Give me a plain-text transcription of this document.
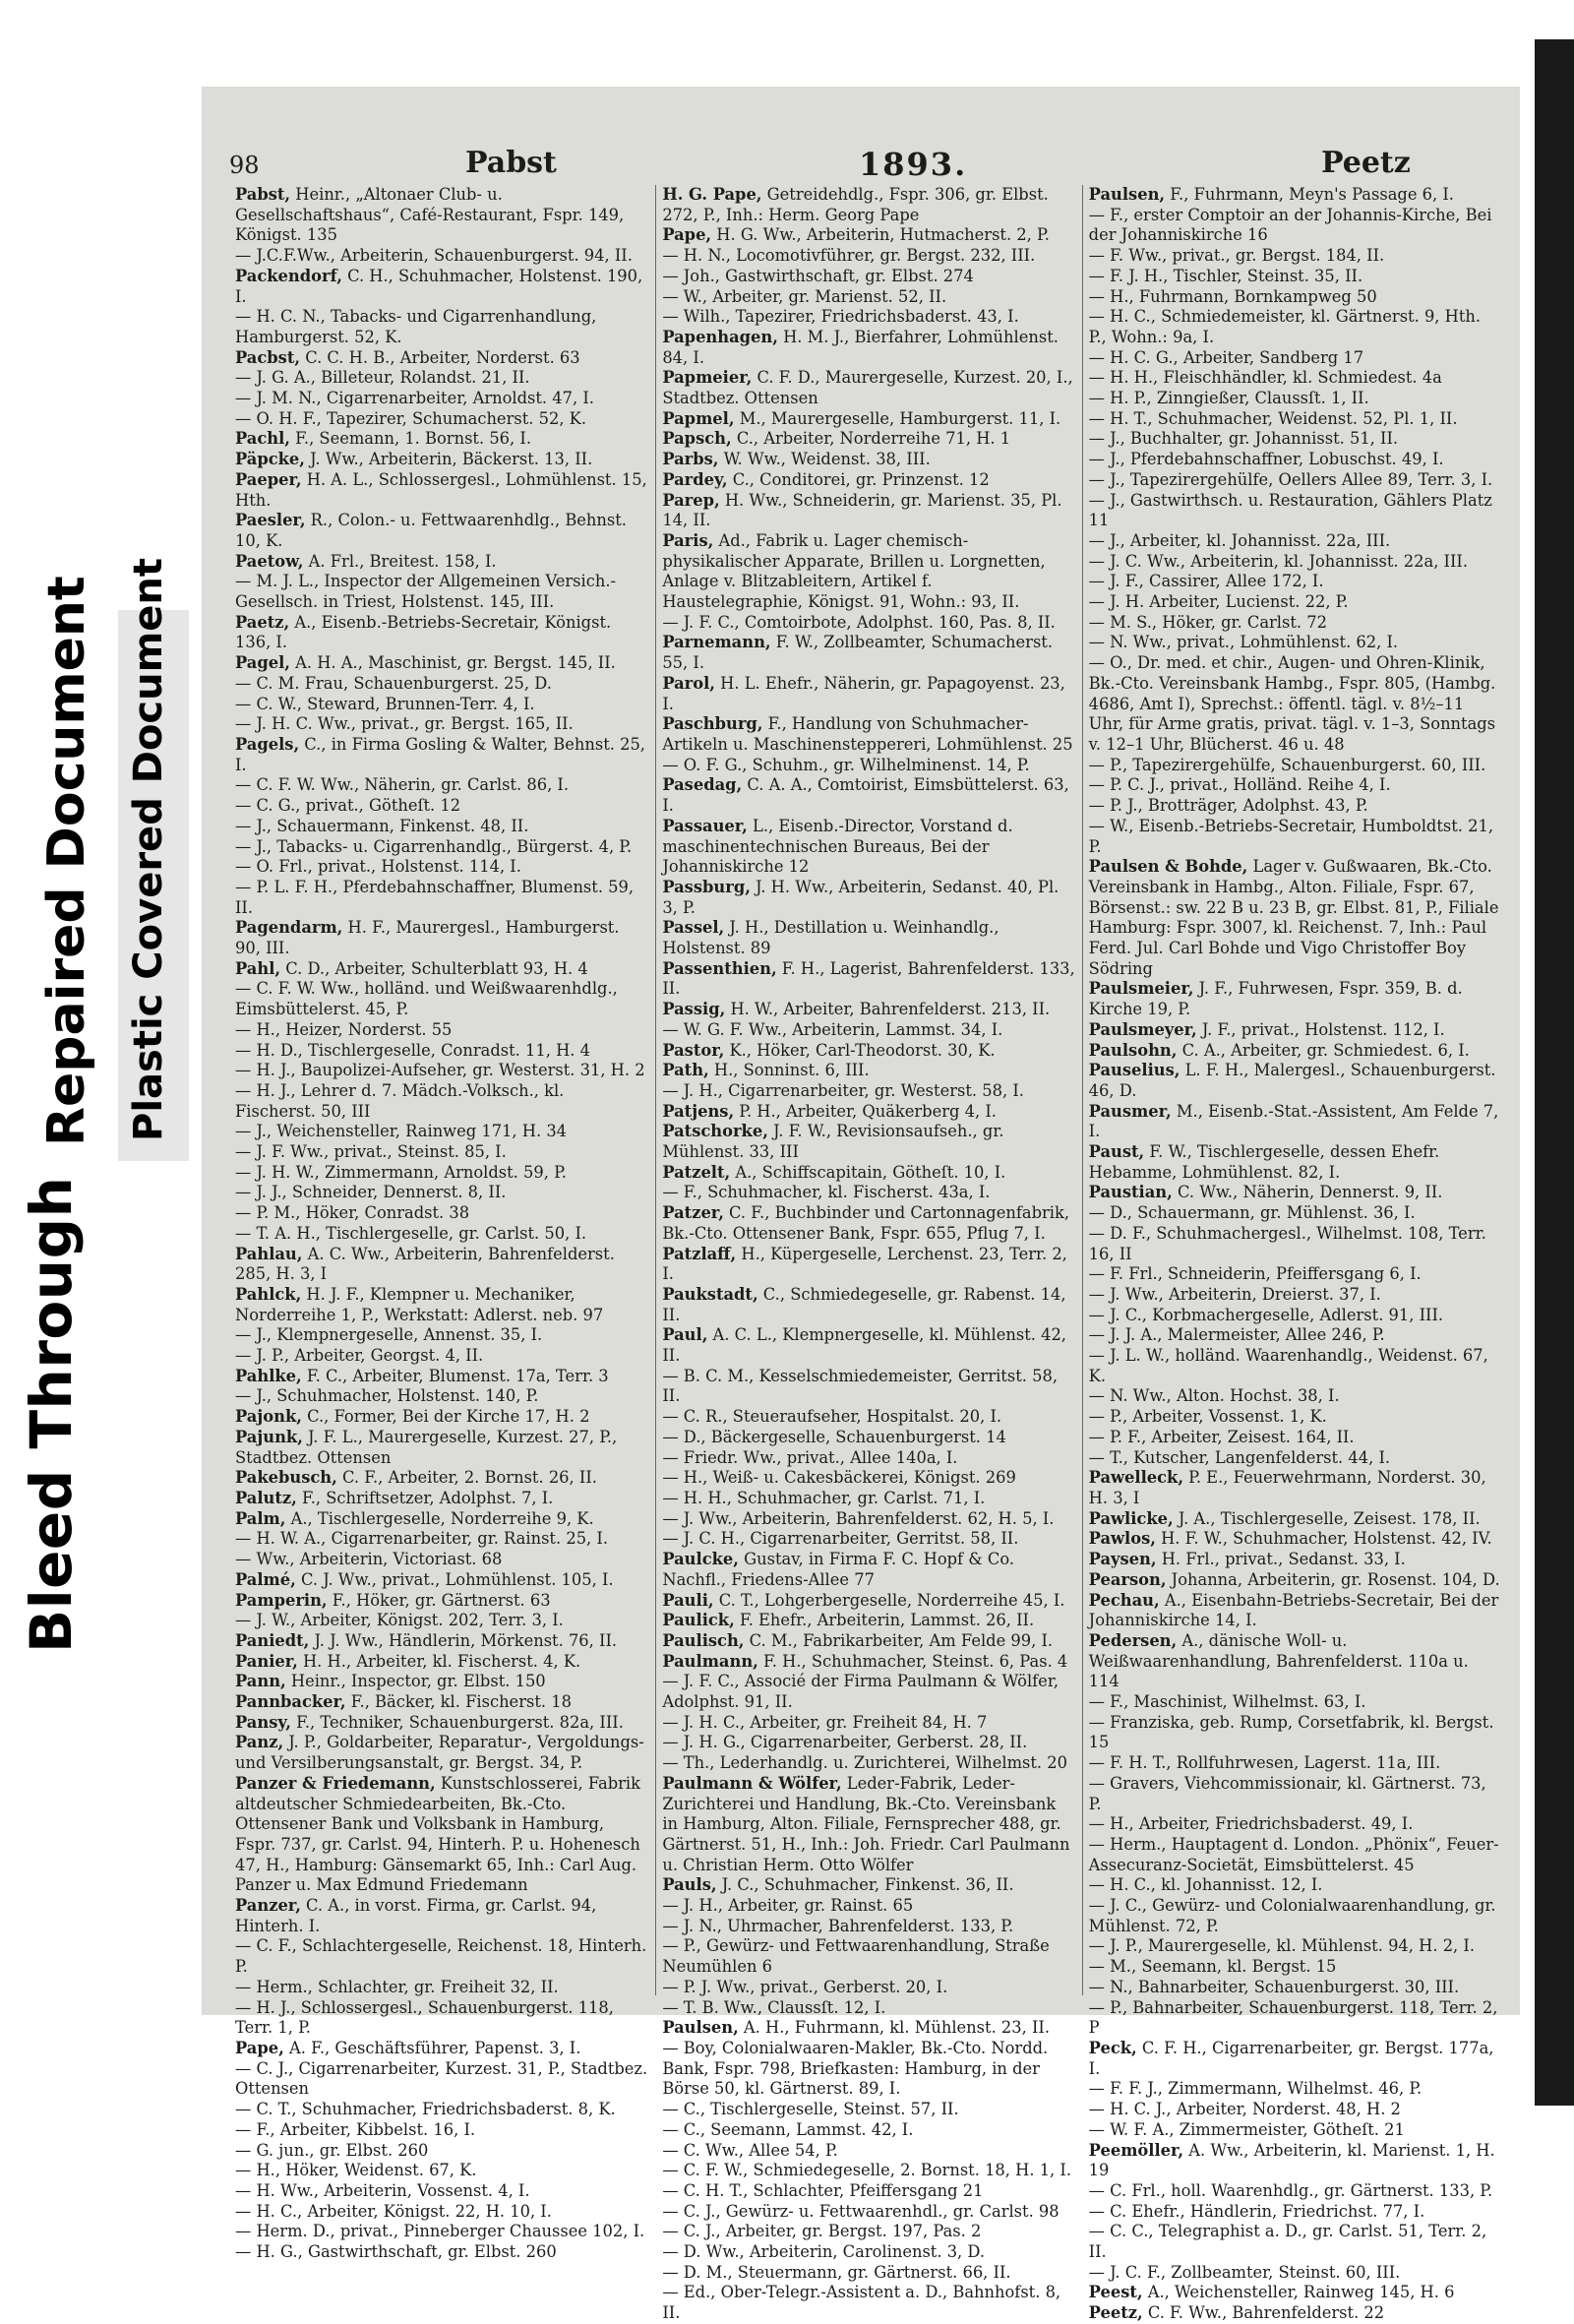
Bleed Through
Repaired Document Plastic Covered Document
98	Pabst	1893.	Peetz

Pabst, Heinr., „Altonaer Club- u. Gesellschaftshaus“, Café-Restaurant, Fspr. 149, Königst. 135

— J.C.F.Ww., Arbeiterin, Schauenburgerst. 94, II.

Packendorf, C. H., Schuhmacher, Holstenst. 190, I.

— H. C. N., Tabacks- und Cigarrenhandlung, Hamburgerst. 52, K.

Pacbst, C. C. H. B., Arbeiter, Norderst. 63

— J. G. A., Billeteur, Rolandst. 21, II.

— J. M. N., Cigarrenarbeiter, Arnoldst. 47, I.

— O. H. F., Tapezirer, Schumacherst. 52, K.

Pachl, F., Seemann, 1. Bornst. 56, I.

Päpcke, J. Ww., Arbeiterin, Bäckerst. 13, II.

Paeper, H. A. L., Schlossergesl., Lohmühlenst. 15, Hth.

Paesler, R., Colon.- u. Fettwaarenhdlg., Behnst. 10, K.

Paetow, A. Frl., Breitest. 158, I.

— M. J. L., Inspector der Allgemeinen Versich.-Gesellsch. in Triest, Holstenst. 145, III.

Paetz, A., Eisenb.-Betriebs-Secretair, Königst. 136, I.

Pagel, A. H. A., Maschinist, gr. Bergst. 145, II.

— C. M. Frau, Schauenburgerst. 25, D.

— C. W., Steward, Brunnen-Terr. 4, I.

— J. H. C. Ww., privat., gr. Bergst. 165, II.

Pagels, C., in Firma Gosling & Walter, Behnst. 25, I.

— C. F. W. Ww., Näherin, gr. Carlst. 86, I.

— C. G., privat., Götheſt. 12

— J., Schauermann, Finkenst. 48, II.

— J., Tabacks- u. Cigarrenhandlg., Bürgerst. 4, P.

— O. Frl., privat., Holstenst. 114, I.

— P. L. F. H., Pferdebahnschaffner, Blumenst. 59, II.

Pagendarm, H. F., Maurergesl., Hamburgerst. 90, III.

Pahl, C. D., Arbeiter, Schulterblatt 93, H. 4

— C. F. W. Ww., holländ. und Weißwaarenhdlg., Eimsbüttelerst. 45, P.

— H., Heizer, Norderst. 55

— H. D., Tischlergeselle, Conradst. 11, H. 4

— H. J., Baupolizei-Aufseher, gr. Westerst. 31, H. 2

— H. J., Lehrer d. 7. Mädch.-Volksch., kl. Fischerst. 50, III

— J., Weichensteller, Rainweg 171, H. 34

— J. F. Ww., privat., Steinst. 85, I.

— J. H. W., Zimmermann, Arnoldst. 59, P.

— J. J., Schneider, Dennerst. 8, II.

— P. M., Höker, Conradst. 38

— T. A. H., Tischlergeselle, gr. Carlst. 50, I.

Pahlau, A. C. Ww., Arbeiterin, Bahrenfelderst. 285, H. 3, I

Pahlck, H. J. F., Klempner u. Mechaniker, Norderreihe 1, P., Werkstatt: Adlerst. neb. 97

— J., Klempnergeselle, Annenst. 35, I.

— J. P., Arbeiter, Georgst. 4, II.

Pahlke, F. C., Arbeiter, Blumenst. 17a, Terr. 3

— J., Schuhmacher, Holstenst. 140, P.

Pajonk, C., Former, Bei der Kirche 17, H. 2

Pajunk, J. F. L., Maurergeselle, Kurzest. 27, P., Stadtbez. Ottensen

Pakebusch, C. F., Arbeiter, 2. Bornst. 26, II.

Palutz, F., Schriftsetzer, Adolphst. 7, I.

Palm, A., Tischlergeselle, Norderreihe 9, K.

— H. W. A., Cigarrenarbeiter, gr. Rainst. 25, I.

— Ww., Arbeiterin, Victoriast. 68

Palmé, C. J. Ww., privat., Lohmühlenst. 105, I.

Pamperin, F., Höker, gr. Gärtnerst. 63

— J. W., Arbeiter, Königst. 202, Terr. 3, I.

Paniedt, J. J. Ww., Händlerin, Mörkenst. 76, II.

Panier, H. H., Arbeiter, kl. Fischerst. 4, K.

Pann, Heinr., Inspector, gr. Elbst. 150

Pannbacker, F., Bäcker, kl. Fischerst. 18

Pansy, F., Techniker, Schauenburgerst. 82a, III.

Panz, J. P., Goldarbeiter, Reparatur-, Vergoldungs- und Versilberungsanstalt, gr. Bergst. 34, P.

Panzer & Friedemann, Kunstschlosserei, Fabrik altdeutscher Schmiedearbeiten, Bk.-Cto. Ottensener Bank und Volksbank in Hamburg, Fspr. 737, gr. Carlst. 94, Hinterh. P. u. Hohenesch 47, H., Hamburg: Gänsemarkt 65, Inh.: Carl Aug. Panzer u. Max Edmund Friedemann

Panzer, C. A., in vorst. Firma, gr. Carlst. 94, Hinterh. I.

— C. F., Schlachtergeselle, Reichenst. 18, Hinterh. P.

— Herm., Schlachter, gr. Freiheit 32, II.

— H. J., Schlossergesl., Schauenburgerst. 118, Terr. 1, P.

Pape, A. F., Geschäftsführer, Papenst. 3, I.

— C. J., Cigarrenarbeiter, Kurzest. 31, P., Stadtbez. Ottensen

— C. T., Schuhmacher, Friedrichsbaderst. 8, K.

— F., Arbeiter, Kibbelst. 16, I.

— G. jun., gr. Elbst. 260

— H., Höker, Weidenst. 67, K.

— H. Ww., Arbeiterin, Vossenst. 4, I.

— H. C., Arbeiter, Königst. 22, H. 10, I.

— Herm. D., privat., Pinneberger Chaussee 102, I.

— H. G., Gastwirthschaft, gr. Elbst. 260

H. G. Pape, Getreidehdlg., Fspr. 306, gr. Elbst. 272, P., Inh.: Herm. Georg Pape

Pape, H. G. Ww., Arbeiterin, Hutmacherst. 2, P.

— H. N., Locomotivführer, gr. Bergst. 232, III.

— Joh., Gastwirthschaft, gr. Elbst. 274

— W., Arbeiter, gr. Marienst. 52, II.

— Wilh., Tapezirer, Friedrichsbaderst. 43, I.

Papenhagen, H. M. J., Bierfahrer, Lohmühlenst. 84, I.

Papmeier, C. F. D., Maurergeselle, Kurzest. 20, I., Stadtbez. Ottensen

Papmel, M., Maurergeselle, Hamburgerst. 11, I.

Papsch, C., Arbeiter, Norderreihe 71, H. 1

Parbs, W. Ww., Weidenst. 38, III.

Pardey, C., Conditorei, gr. Prinzenst. 12

Parep, H. Ww., Schneiderin, gr. Marienst. 35, Pl. 14, II.

Paris, Ad., Fabrik u. Lager chemisch-physikalischer Apparate, Brillen u. Lorgnetten, Anlage v. Blitzableitern, Artikel f. Haustelegraphie, Königst. 91, Wohn.: 93, II.

— J. F. C., Comtoirbote, Adolphst. 160, Pas. 8, II.

Parnemann, F. W., Zollbeamter, Schumacherst. 55, I.

Parol, H. L. Ehefr., Näherin, gr. Papagoyenst. 23, I.

Paschburg, F., Handlung von Schuhmacher-Artikeln u. Maschinensteppereri, Lohmühlenst. 25

— O. F. G., Schuhm., gr. Wilhelminenst. 14, P.

Pasedag, C. A. A., Comtoirist, Eimsbüttelerst. 63, I.

Passauer, L., Eisenb.-Director, Vorstand d. maschinentechnischen Bureaus, Bei der Johanniskirche 12

Passburg, J. H. Ww., Arbeiterin, Sedanst. 40, Pl. 3, P.

Passel, J. H., Destillation u. Weinhandlg., Holstenst. 89

Passenthien, F. H., Lagerist, Bahrenfelderst. 133, II.

Passig, H. W., Arbeiter, Bahrenfelderst. 213, II.

— W. G. F. Ww., Arbeiterin, Lammst. 34, I.

Pastor, K., Höker, Carl-Theodorst. 30, K.

Path, H., Sonninst. 6, III.

— J. H., Cigarrenarbeiter, gr. Westerst. 58, I.

Patjens, P. H., Arbeiter, Quäkerberg 4, I.

Patschorke, J. F. W., Revisionsaufseh., gr. Mühlenst. 33, III

Patzelt, A., Schiffscapitain, Götheſt. 10, I.

— F., Schuhmacher, kl. Fischerst. 43a, I.

Patzer, C. F., Buchbinder und Cartonnagenfabrik, Bk.-Cto. Ottensener Bank, Fspr. 655, Pflug 7, I.

Patzlaff, H., Küpergeselle, Lerchenst. 23, Terr. 2, I.

Paukstadt, C., Schmiedegeselle, gr. Rabenst. 14, II.

Paul, A. C. L., Klempnergeselle, kl. Mühlenst. 42, II.

— B. C. M., Kesselschmiedemeister, Gerritst. 58, II.

— C. R., Steueraufseher, Hospitalst. 20, I.

— D., Bäckergeselle, Schauenburgerst. 14

— Friedr. Ww., privat., Allee 140a, I.

— H., Weiß- u. Cakesbäckerei, Königst. 269

— H. H., Schuhmacher, gr. Carlst. 71, I.

— J. Ww., Arbeiterin, Bahrenfelderst. 62, H. 5, I.

— J. C. H., Cigarrenarbeiter, Gerritst. 58, II.

Paulcke, Gustav, in Firma F. C. Hopf & Co. Nachfl., Friedens-Allee 77

Pauli, C. T., Lohgerbergeselle, Norderreihe 45, I.

Paulick, F. Ehefr., Arbeiterin, Lammst. 26, II.

Paulisch, C. M., Fabrikarbeiter, Am Felde 99, I.

Paulmann, F. H., Schuhmacher, Steinst. 6, Pas. 4

— J. F. C., Associé der Firma Paulmann & Wölfer, Adolphst. 91, II.

— J. H. C., Arbeiter, gr. Freiheit 84, H. 7

— J. H. G., Cigarrenarbeiter, Gerberst. 28, II.

— Th., Lederhandlg. u. Zurichterei, Wilhelmst. 20

Paulmann & Wölfer, Leder-Fabrik, Leder-Zurichterei und Handlung, Bk.-Cto. Vereinsbank in Hamburg, Alton. Filiale, Fernsprecher 488, gr. Gärtnerst. 51, H., Inh.: Joh. Friedr. Carl Paulmann u. Christian Herm. Otto Wölfer

Pauls, J. C., Schuhmacher, Finkenst. 36, II.

— J. H., Arbeiter, gr. Rainst. 65

— J. N., Uhrmacher, Bahrenfelderst. 133, P.

— P., Gewürz- und Fettwaarenhandlung, Straße Neumühlen 6

— P. J. Ww., privat., Gerberst. 20, I.

— T. B. Ww., Claussſt. 12, I.

Paulsen, A. H., Fuhrmann, kl. Mühlenst. 23, II.

— Boy, Colonialwaaren-Makler, Bk.-Cto. Nordd. Bank, Fspr. 798, Briefkasten: Hamburg, in der Börse 50, kl. Gärtnerst. 89, I.

— C., Tischlergeselle, Steinst. 57, II.

— C., Seemann, Lammst. 42, I.

— C. Ww., Allee 54, P.

— C. F. W., Schmiedegeselle, 2. Bornst. 18, H. 1, I.

— C. H. T., Schlachter, Pfeiffersgang 21

— C. J., Gewürz- u. Fettwaarenhdl., gr. Carlst. 98

— C. J., Arbeiter, gr. Bergst. 197, Pas. 2

— D. Ww., Arbeiterin, Carolinenst. 3, D.

— D. M., Steuermann, gr. Gärtnerst. 66, II.

— Ed., Ober-Telegr.-Assistent a. D., Bahnhofst. 8, II.

Paulsen, F., Fuhrmann, Meyn's Passage 6, I.

— F., erster Comptoir an der Johannis-Kirche, Bei der Johanniskirche 16

— F. Ww., privat., gr. Bergst. 184, II.

— F. J. H., Tischler, Steinst. 35, II.

— H., Fuhrmann, Bornkampweg 50

— H. C., Schmiedemeister, kl. Gärtnerst. 9, Hth. P., Wohn.: 9a, I.

— H. C. G., Arbeiter, Sandberg 17

— H. H., Fleischhändler, kl. Schmiedest. 4a

— H. P., Zinngießer, Claussſt. 1, II.

— H. T., Schuhmacher, Weidenst. 52, Pl. 1, II.

— J., Buchhalter, gr. Johannisst. 51, II.

— J., Pferdebahnschaffner, Lobuschst. 49, I.

— J., Tapezirergehülfe, Oellers Allee 89, Terr. 3, I.

— J., Gastwirthsch. u. Restauration, Gählers Platz 11

— J., Arbeiter, kl. Johannisst. 22a, III.

— J. C. Ww., Arbeiterin, kl. Johannisst. 22a, III.

— J. F., Cassirer, Allee 172, I.

— J. H. Arbeiter, Lucienst. 22, P.

— M. S., Höker, gr. Carlst. 72

— N. Ww., privat., Lohmühlenst. 62, I.

— O., Dr. med. et chir., Augen- und Ohren-Klinik, Bk.-Cto. Vereinsbank Hambg., Fspr. 805, (Hambg. 4686, Amt I), Sprechst.: öffentl. tägl. v. 8½–11 Uhr, für Arme gratis, privat. tägl. v. 1–3, Sonntags v. 12–1 Uhr, Blücherst. 46 u. 48

— P., Tapezirergehülfe, Schauenburgerst. 60, III.

— P. C. J., privat., Holländ. Reihe 4, I.

— P. J., Brotträger, Adolphst. 43, P.

— W., Eisenb.-Betriebs-Secretair, Humboldtst. 21, P.

Paulsen & Bohde, Lager v. Gußwaaren, Bk.-Cto. Vereinsbank in Hambg., Alton. Filiale, Fspr. 67, Börsenst.: sw. 22 B u. 23 B, gr. Elbst. 81, P., Filiale Hamburg: Fspr. 3007, kl. Reichenst. 7, Inh.: Paul Ferd. Jul. Carl Bohde und Vigo Christoffer Boy Södring

Paulsmeier, J. F., Fuhrwesen, Fspr. 359, B. d. Kirche 19, P.

Paulsmeyer, J. F., privat., Holstenst. 112, I.

Paulsohn, C. A., Arbeiter, gr. Schmiedest. 6, I.

Pauselius, L. F. H., Malergesl., Schauenburgerst. 46, D.

Pausmer, M., Eisenb.-Stat.-Assistent, Am Felde 7, I.

Paust, F. W., Tischlergeselle, dessen Ehefr. Hebamme, Lohmühlenst. 82, I.

Paustian, C. Ww., Näherin, Dennerst. 9, II.

— D., Schauermann, gr. Mühlenst. 36, I.

— D. F., Schuhmachergesl., Wilhelmst. 108, Terr. 16, II

— F. Frl., Schneiderin, Pfeiffersgang 6, I.

— J. Ww., Arbeiterin, Dreierst. 37, I.

— J. C., Korbmachergeselle, Adlerst. 91, III.

— J. J. A., Malermeister, Allee 246, P.

— J. L. W., holländ. Waarenhandlg., Weidenst. 67, K.

— N. Ww., Alton. Hochst. 38, I.

— P., Arbeiter, Vossenst. 1, K.

— P. F., Arbeiter, Zeisest. 164, II.

— T., Kutscher, Langenfelderst. 44, I.

Pawelleck, P. E., Feuerwehrmann, Norderst. 30, H. 3, I

Pawlicke, J. A., Tischlergeselle, Zeisest. 178, II.

Pawlos, H. F. W., Schuhmacher, Holstenst. 42, IV.

Paysen, H. Frl., privat., Sedanst. 33, I.

Pearson, Johanna, Arbeiterin, gr. Rosenst. 104, D.

Pechau, A., Eisenbahn-Betriebs-Secretair, Bei der Johanniskirche 14, I.

Pedersen, A., dänische Woll- u. Weißwaarenhandlung, Bahrenfelderst. 110a u. 114

— F., Maschinist, Wilhelmst. 63, I.

— Franziska, geb. Rump, Corsetfabrik, kl. Bergst. 15

— F. H. T., Rollfuhrwesen, Lagerst. 11a, III.

— Gravers, Viehcommissionair, kl. Gärtnerst. 73, P.

— H., Arbeiter, Friedrichsbaderst. 49, I.

— Herm., Hauptagent d. London. „Phönix“, Feuer-Assecuranz-Societät, Eimsbüttelerst. 45

— H. C., kl. Johannisst. 12, I.

— J. C., Gewürz- und Colonialwaarenhandlung, gr. Mühlenst. 72, P.

— J. P., Maurergeselle, kl. Mühlenst. 94, H. 2, I.

— M., Seemann, kl. Bergst. 15

— N., Bahnarbeiter, Schauenburgerst. 30, III.

— P., Bahnarbeiter, Schauenburgerst. 118, Terr. 2, P

Peck, C. F. H., Cigarrenarbeiter, gr. Bergst. 177a, I.

— F. F. J., Zimmermann, Wilhelmst. 46, P.

— H. C. J., Arbeiter, Norderst. 48, H. 2

— W. F. A., Zimmermeister, Götheſt. 21

Peemöller, A. Ww., Arbeiterin, kl. Marienst. 1, H. 19

— C. Frl., holl. Waarenhdlg., gr. Gärtnerst. 133, P.

— C. Ehefr., Händlerin, Friedrichst. 77, I.

— C. C., Telegraphist a. D., gr. Carlst. 51, Terr. 2, II.

— J. C. F., Zollbeamter, Steinst. 60, III.

Peest, A., Weichensteller, Rainweg 145, H. 6

Peetz, C. F. Ww., Bahrenfelderst. 22
